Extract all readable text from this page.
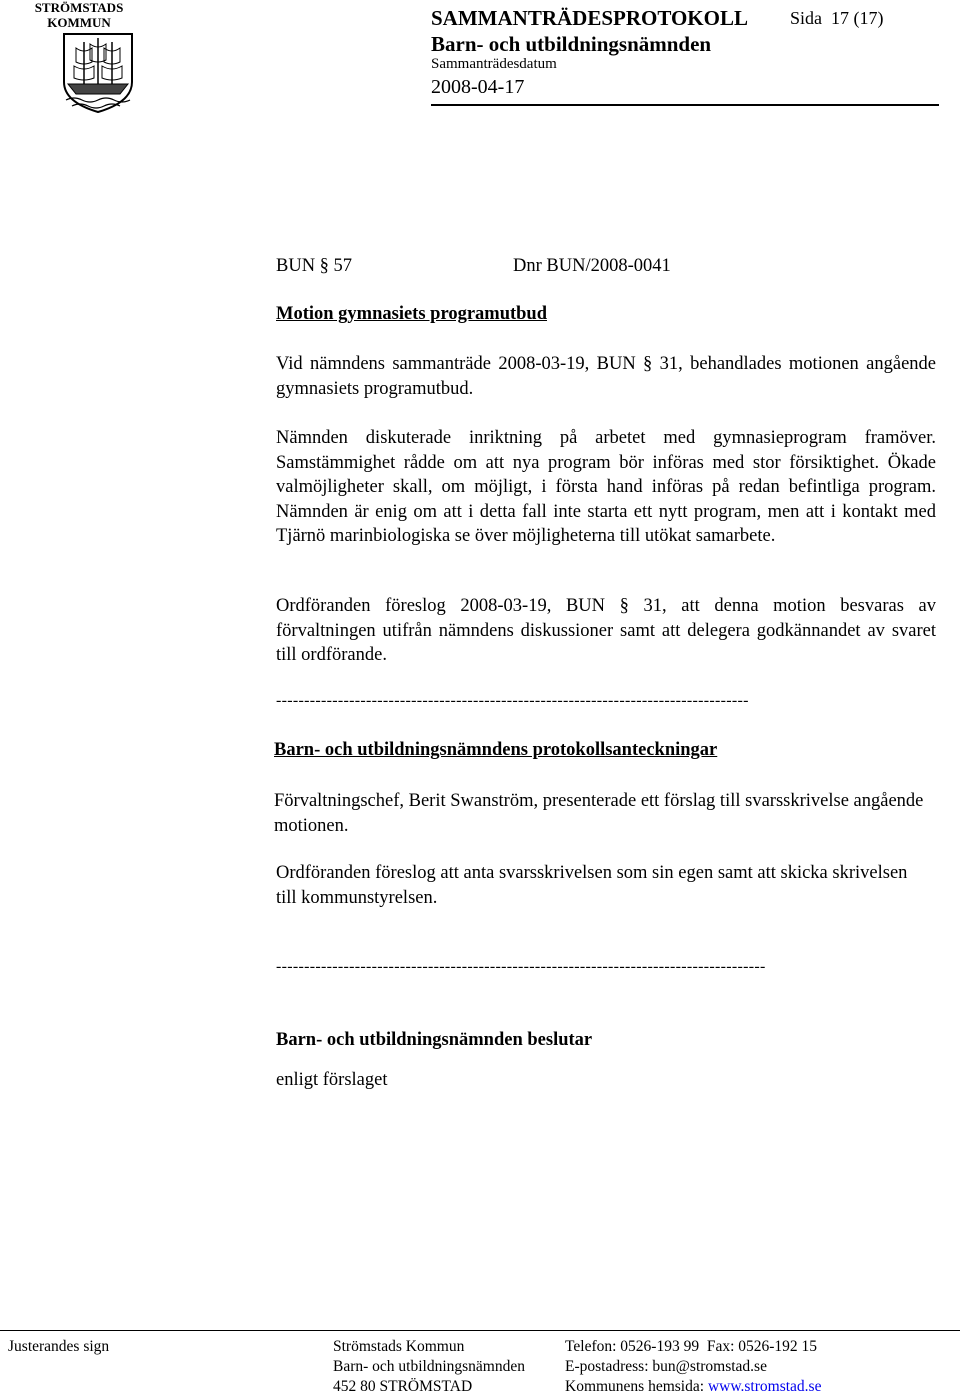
STRÖMSTADS
KOMMUN	SAMMANTRÄDESPROTOKOLL Sida 17 (17)
Barn- och utbildningsnämnden
Sammanträdesdatum
2008-04-17
BUN § 57	Dnr BUN/2008-0041
Motion gymnasiets programutbud
Vid nämndens sammanträde 2008-03-19, BUN § 31, behandlades motionen angående gymnasiets programutbud.
Nämnden diskuterade inriktning på arbetet med gymnasieprogram framöver. Samstämmighet rådde om att nya program bör införas med stor försiktighet. Ökade valmöjligheter skall, om möjligt, i första hand införas på redan befintliga program. Nämnden är enig om att i detta fall inte starta ett nytt program, men att i kontakt med Tjärnö marinbiologiska se över möjligheterna till utökat samarbete.
Ordföranden föreslog 2008-03-19, BUN § 31, att denna motion besvaras av förvaltningen utifrån nämndens diskussioner samt att delegera godkännandet av svaret till ordförande.
------------------------------------------------------------------------------------
Barn- och utbildningsnämndens protokollsanteckningar
Förvaltningschef, Berit Swanström, presenterade ett förslag till svarsskrivelse angående motionen.
Ordföranden föreslog att anta svarsskrivelsen som sin egen samt att skicka skrivelsen till kommunstyrelsen.
---------------------------------------------------------------------------------------
Barn- och utbildningsnämnden beslutar
enligt förslaget
Justerandes sign	Strömstads Kommun
Barn- och utbildningsnämnden
452 80 STRÖMSTAD
Telefon: 0526-193 99 Fax: 0526-192 15
E-postadress: bun@stromstad.se
Kommunens hemsida: www.stromstad.se
